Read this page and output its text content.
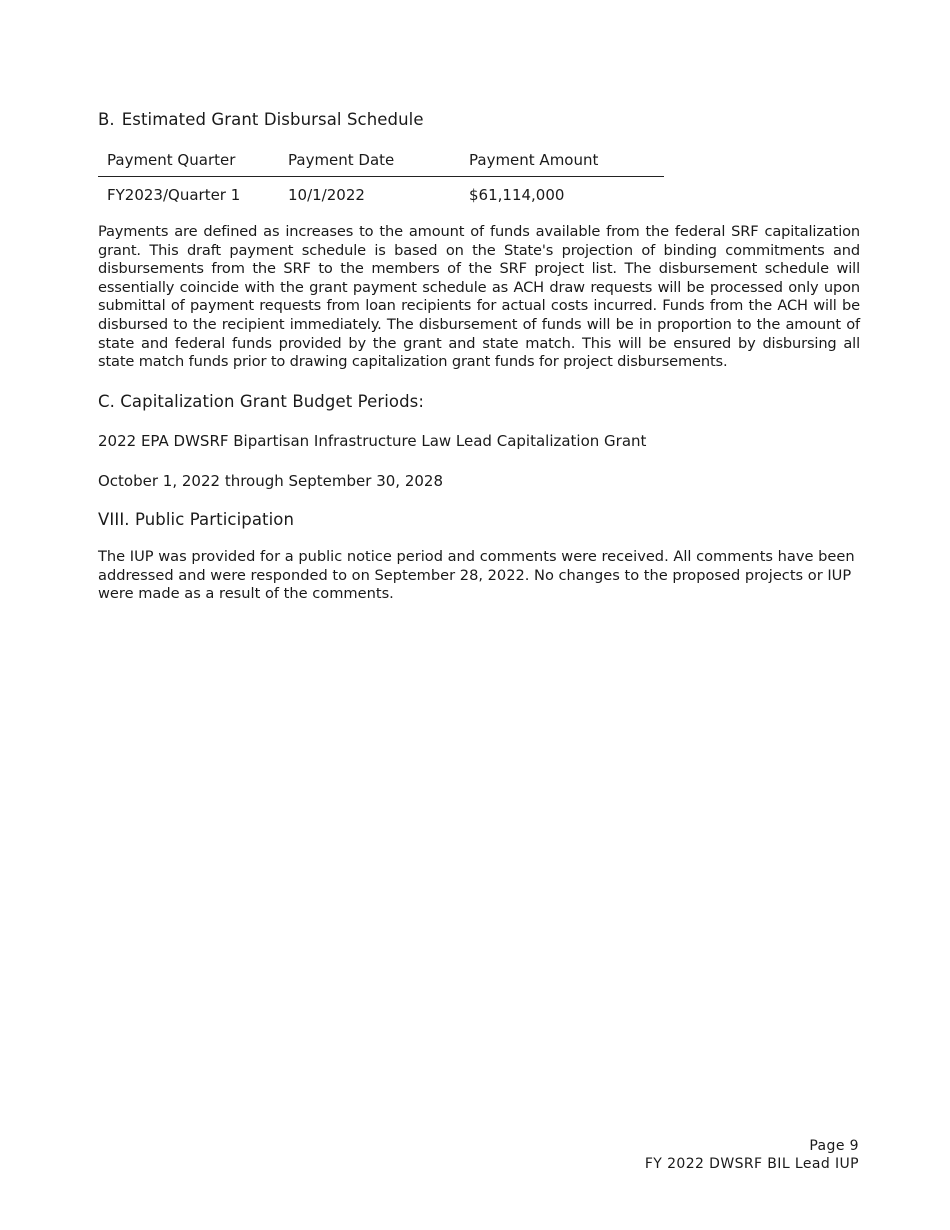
B. Estimated Grant Disbursal Schedule
Payment Quarter	Payment Date	Payment Amount
FY2023/Quarter 1	10/1/2022	$61,114,000

Payments are defined as increases to the amount of funds available from the federal SRF capitalization grant. This draft payment schedule is based on the State's projection of binding commitments and disbursements from the SRF to the members of the SRF project list. The disbursement schedule will essentially coincide with the grant payment schedule as ACH draw requests will be processed only upon submittal of payment requests from loan recipients for actual costs incurred. Funds from the ACH will be disbursed to the recipient immediately. The disbursement of funds will be in proportion to the amount of state and federal funds provided by the grant and state match. This will be ensured by disbursing all state match funds prior to drawing capitalization grant funds for project disbursements.

C. Capitalization Grant Budget Periods:
2022 EPA DWSRF Bipartisan Infrastructure Law Lead Capitalization Grant
October 1, 2022 through September 30, 2028
VIII. Public Participation

The IUP was provided for a public notice period and comments were received. All comments have been addressed and were responded to on September 28, 2022. No changes to the proposed projects or IUP were made as a result of the comments.

Page 9
FY 2022 DWSRF BIL Lead IUP
